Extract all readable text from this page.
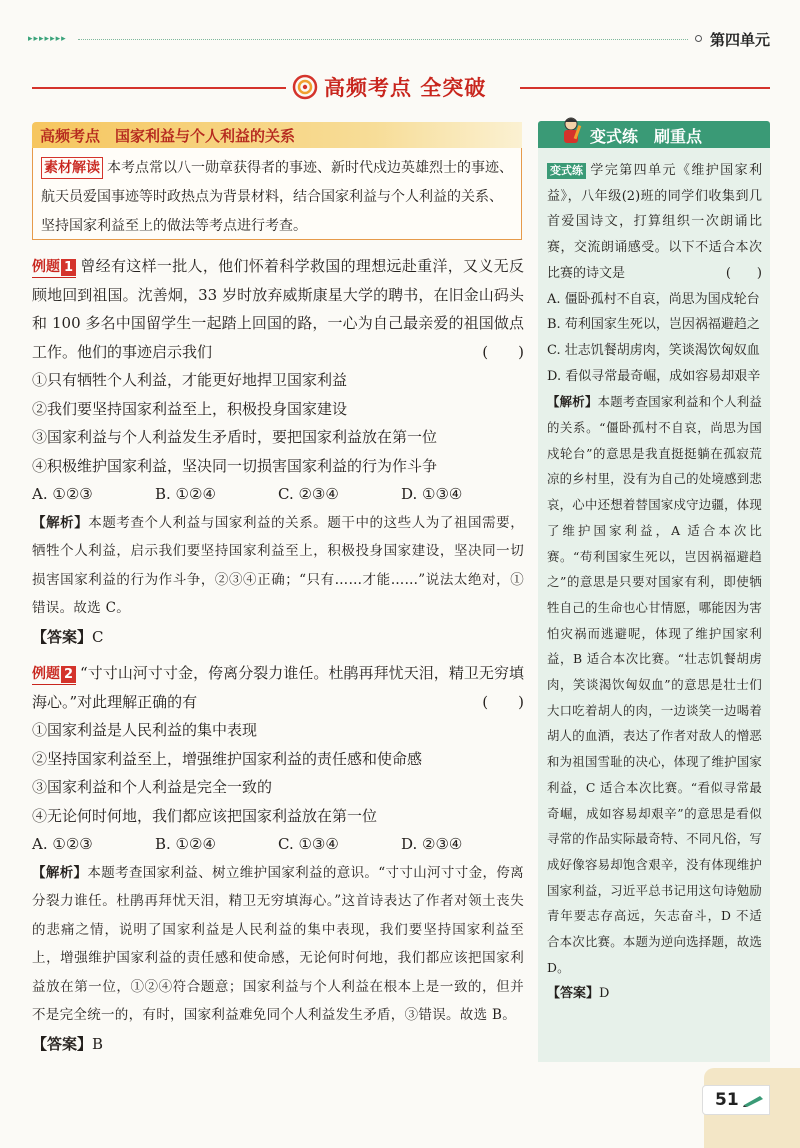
▸▸▸▸▸▸▸	第四单元
高频考点 全突破
高频考点　国家利益与个人利益的关系
素材解读 本考点常以八一勋章获得者的事迹、新时代戍边英雄烈士的事迹、航天员爱国事迹等时政热点为背景材料，结合国家利益与个人利益的关系、坚持国家利益至上的做法等考点进行考查。

例题 1 曾经有这样一批人，他们怀着科学救国的理想远赴重洋，又义无反顾地回到祖国。沈善炯，33 岁时放弃威斯康星大学的聘书，在旧金山码头和 100 多名中国留学生一起踏上回国的路，一心为自己最亲爱的祖国做点工作。他们的事迹启示我们	(　　)

①只有牺牲个人利益，才能更好地捍卫国家利益

②我们要坚持国家利益至上，积极投身国家建设

③国家利益与个人利益发生矛盾时，要把国家利益放在第一位

④积极维护国家利益，坚决同一切损害国家利益的行为作斗争

A. ①②③	B. ①②④	C. ②③④	D. ①③④

【解析】本题考查个人利益与国家利益的关系。题干中的这些人为了祖国需要，牺牲个人利益，启示我们要坚持国家利益至上，积极投身国家建设，坚决同一切损害国家利益的行为作斗争，②③④正确；“只有……才能……”说法太绝对，①错误。故选 C。

【答案】C

例题 2 “寸寸山河寸寸金，侉离分裂力谁任。杜鹃再拜忧天泪，精卫无穷填海心。”对此理解正确的有	(　　)

①国家利益是人民利益的集中表现

②坚持国家利益至上，增强维护国家利益的责任感和使命感

③国家利益和个人利益是完全一致的

④无论何时何地，我们都应该把国家利益放在第一位

A. ①②③	B. ①②④	C. ①③④	D. ②③④

【解析】本题考查国家利益、树立维护国家利益的意识。“寸寸山河寸寸金，侉离分裂力谁任。杜鹃再拜忧天泪，精卫无穷填海心。”这首诗表达了作者对领土丧失的悲痛之情，说明了国家利益是人民利益的集中表现，我们要坚持国家利益至上，增强维护国家利益的责任感和使命感，无论何时何地，我们都应该把国家利益放在第一位，①②④符合题意；国家利益与个人利益在根本上是一致的，但并不是完全统一的，有时，国家利益难免同个人利益发生矛盾，③错误。故选 B。

【答案】B

变式练　刷重点

变式练 学完第四单元《维护国家利益》，八年级(2)班的同学们收集到几首爱国诗文，打算组织一次朗诵比赛，交流朗诵感受。以下不适合本次比赛的诗文是	(　　)

A. 僵卧孤村不自哀，尚思为国戍轮台

B. 苟利国家生死以，岂因祸福避趋之

C. 壮志饥餐胡虏肉，笑谈渴饮匈奴血

D. 看似寻常最奇崛，成如容易却艰辛

【解析】本题考查国家利益和个人利益的关系。“僵卧孤村不自哀，尚思为国戍轮台”的意思是我直挺挺躺在孤寂荒凉的乡村里，没有为自己的处境感到悲哀，心中还想着替国家戍守边疆，体现了维护国家利益，A 适合本次比赛。“苟利国家生死以，岂因祸福避趋之”的意思是只要对国家有利，即使牺牲自己的生命也心甘情愿，哪能因为害怕灾祸而逃避呢，体现了维护国家利益，B 适合本次比赛。“壮志饥餐胡虏肉，笑谈渴饮匈奴血”的意思是壮士们大口吃着胡人的肉，一边谈笑一边喝着胡人的血酒，表达了作者对敌人的憎恶和为祖国雪耻的决心，体现了维护国家利益，C 适合本次比赛。“看似寻常最奇崛，成如容易却艰辛”的意思是看似寻常的作品实际最奇特、不同凡俗，写成好像容易却饱含艰辛，没有体现维护国家利益，习近平总书记用这句诗勉励青年要志存高远，矢志奋斗，D 不适合本次比赛。本题为逆向选择题，故选 D。

【答案】D

51
